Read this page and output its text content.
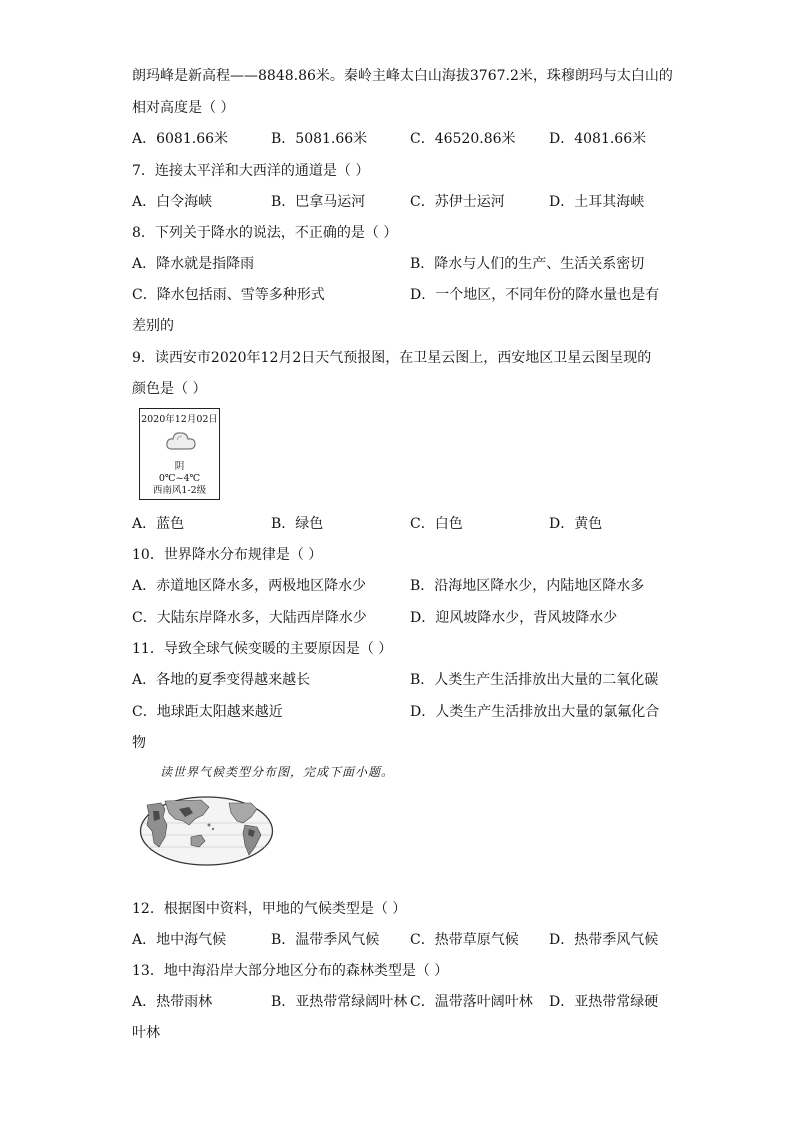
朗玛峰是新高程——8848.86米。秦岭主峰太白山海拔3767.2米，珠穆朗玛与太白山的
相对高度是（ ）
A．6081.66米	B．5081.66米	C．46520.86米 D．4081.66米
7．连接太平洋和大西洋的通道是（ ）
A．白令海峡	B．巴拿马运河	C．苏伊士运河	D．土耳其海峡
8．下列关于降水的说法，不正确的是（ ）
A．降水就是指降雨	B．降水与人们的生产、生活关系密切
C．降水包括雨、雪等多种形式	D．一个地区，不同年份的降水量也是有
差别的
9．读西安市2020年12月2日天气预报图，在卫星云图上，西安地区卫星云图呈现的
颜色是（ ）
2020年12月02日
阴
0℃~4℃
西南风1-2级
A．蓝色	B．绿色	C．白色	D．黄色
10．世界降水分布规律是（ ）
A．赤道地区降水多，两极地区降水少	B．沿海地区降水少，内陆地区降水多
C．大陆东岸降水多，大陆西岸降水少	D．迎风坡降水少，背风坡降水少
11．导致全球气候变暖的主要原因是（ ）
A．各地的夏季变得越来越长	B．人类生产生活排放出大量的二氧化碳
C．地球距太阳越来越近	D．人类生产生活排放出大量的氯氟化合
物
读世界气候类型分布图，完成下面小题。
12．根据图中资料，甲地的气候类型是（ ）
A．地中海气候	B．温带季风气候 C．热带草原气候 D．热带季风气候
13．地中海沿岸大部分地区分布的森林类型是（ ）
A．热带雨林	B．亚热带常绿阔叶林 C．温带落叶阔叶林 D．亚热带常绿硬
叶林
